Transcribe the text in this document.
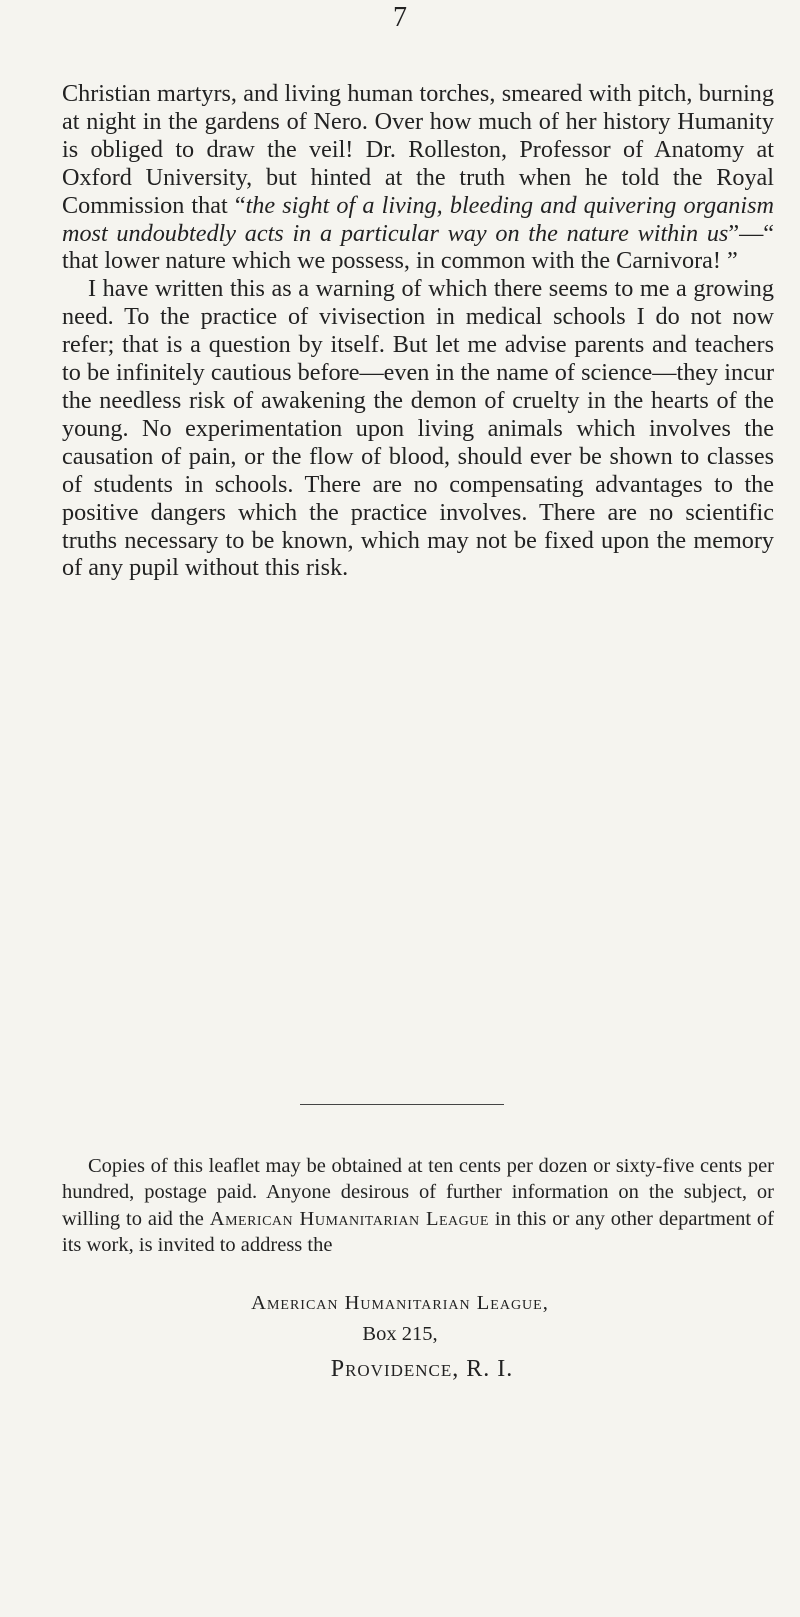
7

Christian martyrs, and living human torches, smeared with pitch, burning at night in the gardens of Nero. Over how much of her history Humanity is obliged to draw the veil! Dr. Rolleston, Professor of Anatomy at Oxford University, but hinted at the truth when he told the Royal Commission that “the sight of a living, bleeding and quivering organism most undoubtedly acts in a particular way on the nature within us”—“ that lower nature which we possess, in common with the Carnivora! ”

I have written this as a warning of which there seems to me a growing need. To the practice of vivisection in medical schools I do not now refer; that is a question by itself. But let me advise parents and teachers to be infinitely cautious before—even in the name of science—they incur the needless risk of awakening the demon of cruelty in the hearts of the young. No experimentation upon living animals which involves the causation of pain, or the flow of blood, should ever be shown to classes of students in schools. There are no compensating advantages to the positive dangers which the practice involves. There are no scientific truths necessary to be known, which may not be fixed upon the memory of any pupil without this risk.

Copies of this leaflet may be obtained at ten cents per dozen or sixty-five cents per hundred, postage paid. Anyone desirous of further information on the subject, or willing to aid the American Humanitarian League in this or any other department of its work, is invited to address the

American Humanitarian League,

Box 215,

Providence, R. I.
